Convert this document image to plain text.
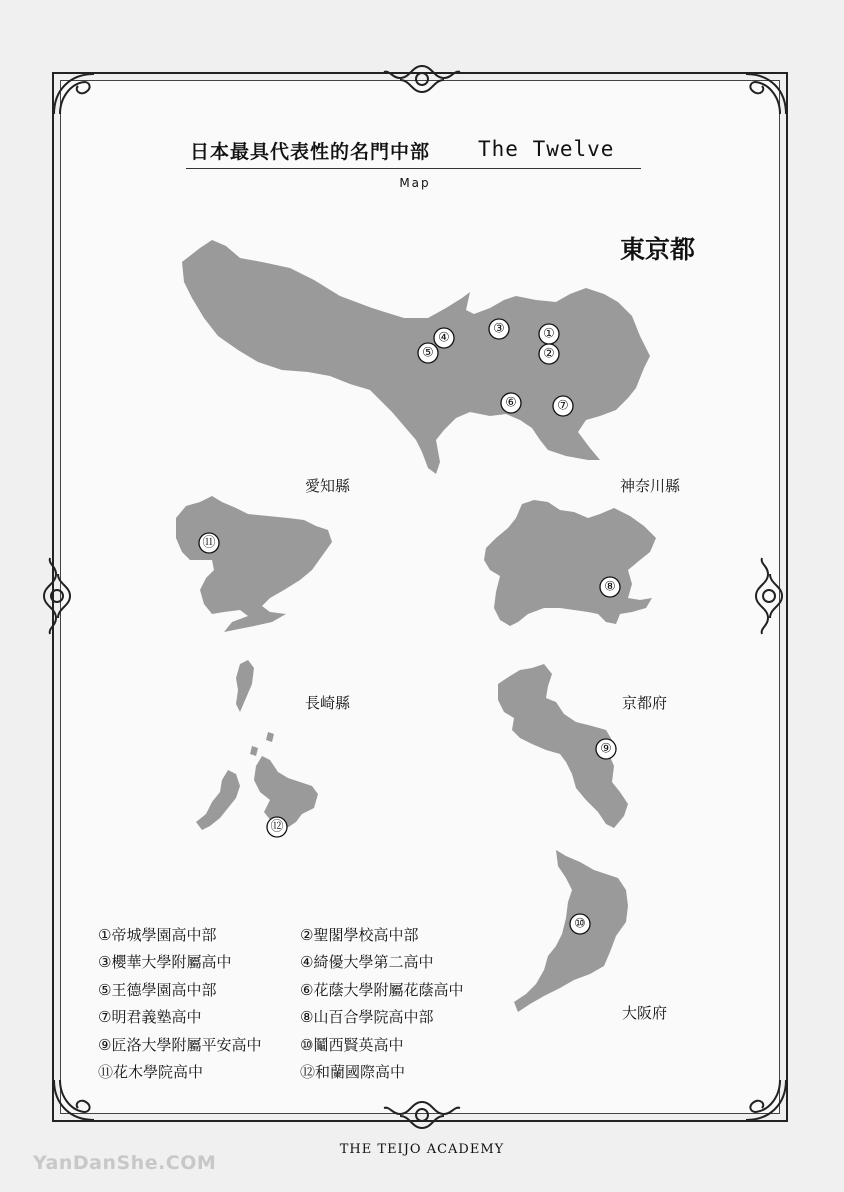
日本最具代表性的名門中部	The Twelve
Map
東京都
愛知縣	神奈川縣
長崎縣	京都府
大阪府
①
②
③
④
⑤
⑥	⑦
⑧
⑨
⑩
⑪
⑫
①帝城學園高中部
③櫻華大學附屬高中
⑤王德學園高中部
⑦明君義塾高中
⑨匠洛大學附屬平安高中
⑪花木學院高中
②聖閣學校高中部
④綺優大學第二高中
⑥花蔭大學附屬花蔭高中
⑧山百合學院高中部
⑩鬮西賢英高中
⑫和蘭國際高中
THE TEIJO ACADEMY
YanDanShe.COM
